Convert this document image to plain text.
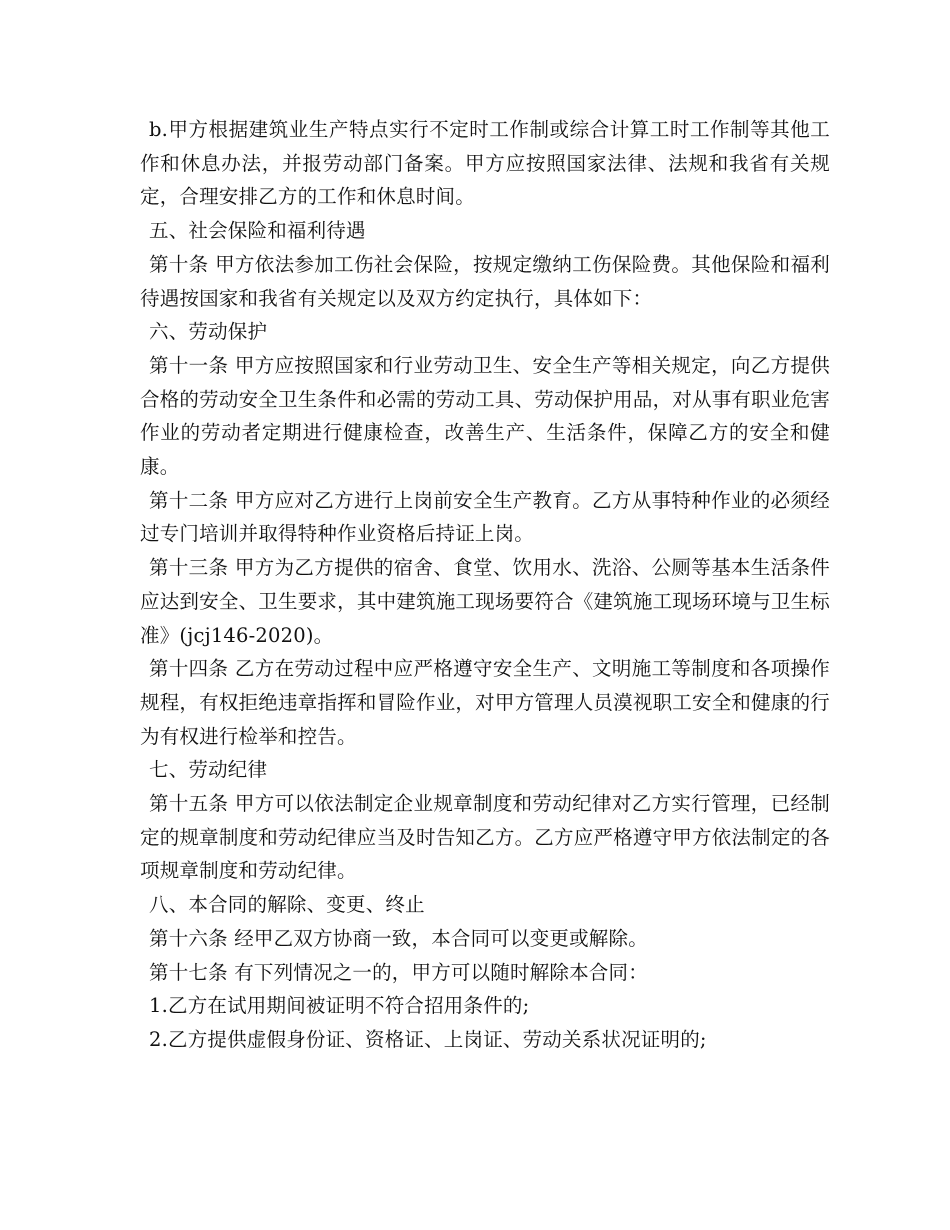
b.甲方根据建筑业生产特点实行不定时工作制或综合计算工时工作制等其他工作和休息办法，并报劳动部门备案。甲方应按照国家法律、法规和我省有关规定，合理安排乙方的工作和休息时间。

五、社会保险和福利待遇

第十条 甲方依法参加工伤社会保险，按规定缴纳工伤保险费。其他保险和福利待遇按国家和我省有关规定以及双方约定执行，具体如下：

六、劳动保护

第十一条 甲方应按照国家和行业劳动卫生、安全生产等相关规定，向乙方提供合格的劳动安全卫生条件和必需的劳动工具、劳动保护用品，对从事有职业危害作业的劳动者定期进行健康检查，改善生产、生活条件，保障乙方的安全和健康。

第十二条 甲方应对乙方进行上岗前安全生产教育。乙方从事特种作业的必须经过专门培训并取得特种作业资格后持证上岗。

第十三条 甲方为乙方提供的宿舍、食堂、饮用水、洗浴、公厕等基本生活条件应达到安全、卫生要求，其中建筑施工现场要符合《建筑施工现场环境与卫生标准》(jcj146-2020)。

第十四条 乙方在劳动过程中应严格遵守安全生产、文明施工等制度和各项操作规程，有权拒绝违章指挥和冒险作业，对甲方管理人员漠视职工安全和健康的行为有权进行检举和控告。

七、劳动纪律

第十五条 甲方可以依法制定企业规章制度和劳动纪律对乙方实行管理，已经制定的规章制度和劳动纪律应当及时告知乙方。乙方应严格遵守甲方依法制定的各项规章制度和劳动纪律。

八、本合同的解除、变更、终止

第十六条 经甲乙双方协商一致，本合同可以变更或解除。

第十七条 有下列情况之一的，甲方可以随时解除本合同：

1.乙方在试用期间被证明不符合招用条件的;

2.乙方提供虚假身份证、资格证、上岗证、劳动关系状况证明的;
